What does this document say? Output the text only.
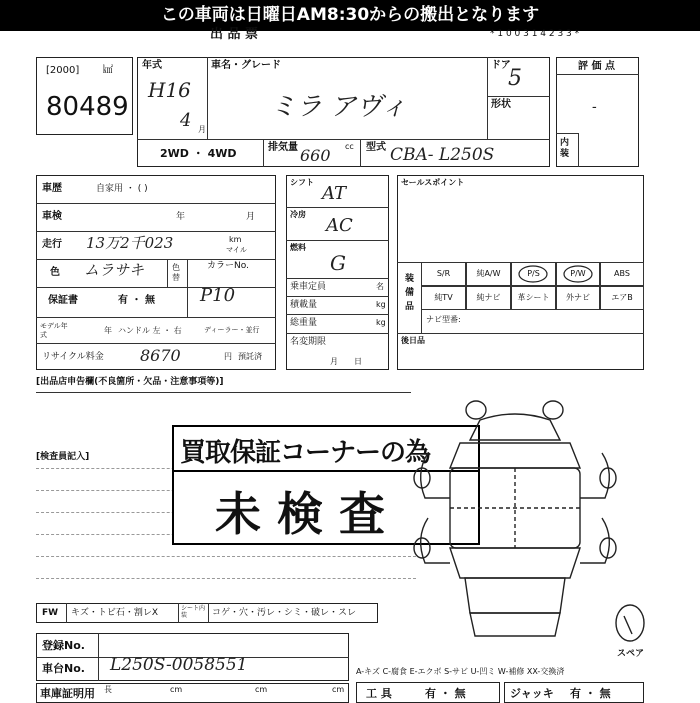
この車両は日曜日AM8:30からの搬出となります
出 品 票	* 1 0 0 3 1 4 2 3 3 *
[2000] ㎢
80489
年式
H16
4 月
車名・グレード
ミラ アヴィ
ドア
5
形状
2WD ・ 4WD	排気量 660 cc 型式 CBA- L250S
評 価 点
-
内装
車歴	自家用 ・ ( )
車検	年	月
走行 13万2千023	km
マイル
色 ムラサキ	色替
カラーNo.
P10
保証書	有 ・ 無
モデル年式	年 ハンドル 左 ・ 右	ディーラー・並行
リサイクル料金 8670	円 預託済
シフト
AT
冷房
AC
燃料
G
乗車定員	名
積載量	kg
総重量	kg
名変期限
月日
セールスポイント
装備品
S/R	純A/W	P/S	P/W	ABS
純TV	純ナビ	革シート	外ナビ	エアB
ナビ型番:
後日品
[出品店申告欄(不良箇所・欠品・注意事項等)]
[検査員記入]	買取保証コーナーの為
未 検 査
スペア
FW キズ・トビ石・割レX	シート内装	コゲ・穴・汚レ・シミ・破レ・スレ
登録No.
車台No. L250S-0058551
車庫証明用 長	cm	cm	cm
A-キズ C-腐食 E-エクボ S-サビ U-凹ミ W-補修 XX-交換済
工 具	有 ・ 無	ジャッキ 有 ・ 無
